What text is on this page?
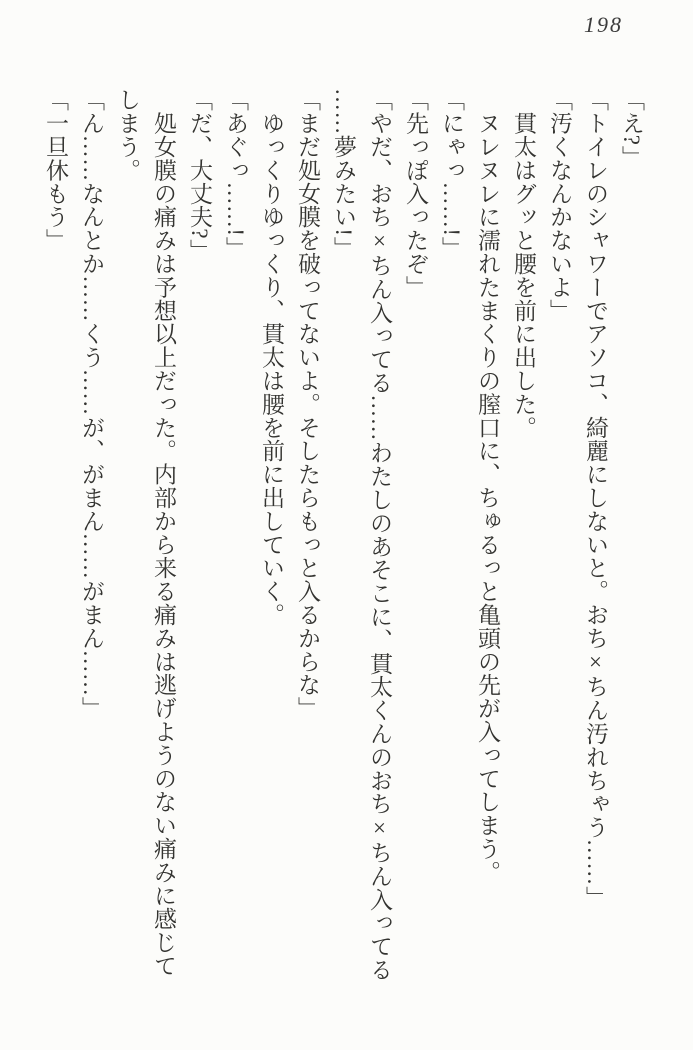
198

「え?」

「トイレのシャワーでアソコ、綺麗にしないと。おち×ちん汚れちゃう……」

「汚くなんかないよ」

　貫太はグッと腰を前に出した。

　ヌレヌレに濡れたまくりの膣口に、ちゅるっと亀頭の先が入ってしまう。

「にゃっ……!」

「先っぽ入ったぞ」

「やだ、おち×ちん入ってる……わたしのあそこに、貫太くんのおち×ちん入ってる

……夢みたい!」

「まだ処女膜を破ってないよ。そしたらもっと入るからな」

　ゆっくりゆっくり、貫太は腰を前に出していく。

「あぐっ……!」

「だ、大丈夫?」

　処女膜の痛みは予想以上だった。内部から来る痛みは逃げようのない痛みに感じて

しまう。

「ん……なんとか……くう……が、がまん……がまん……」

「一旦休もう」
